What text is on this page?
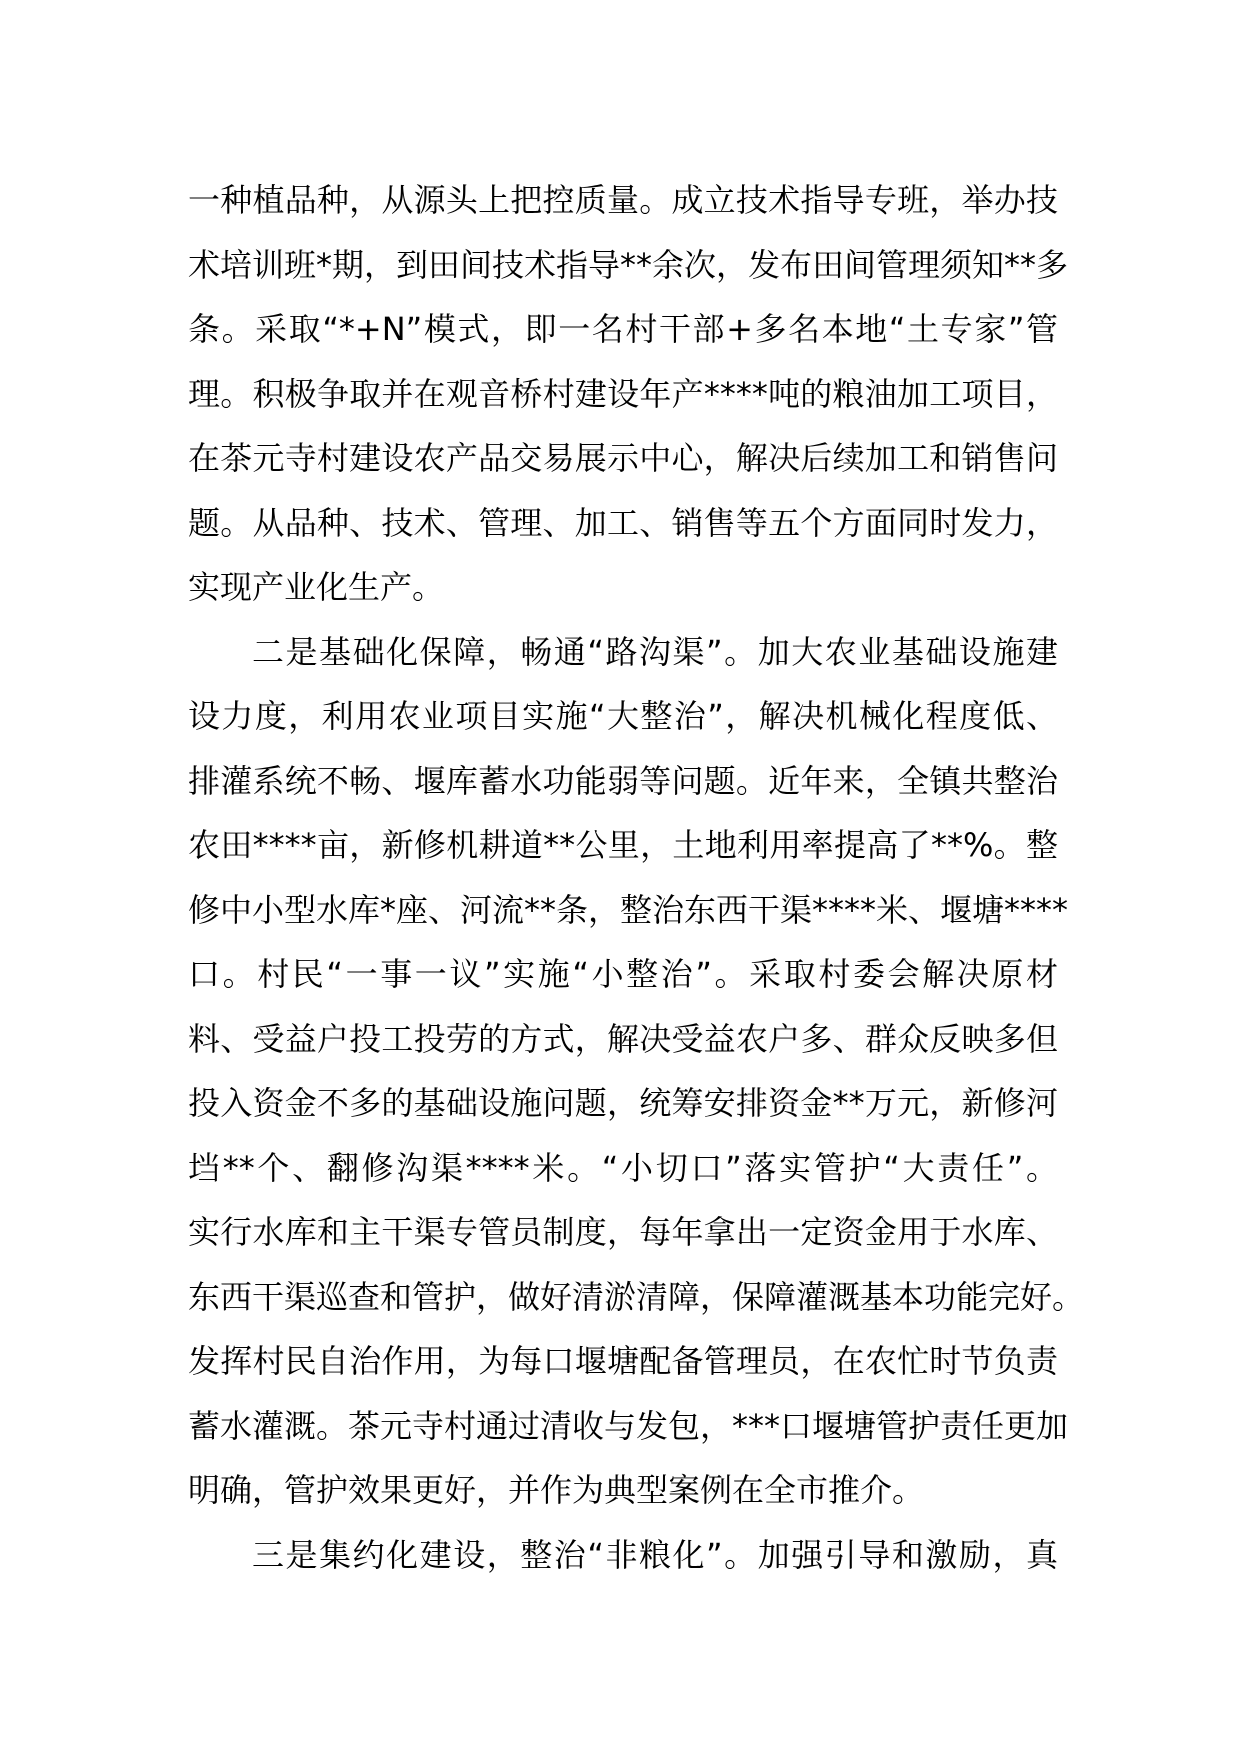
一种植品种，从源头上把控质量。成立技术指导专班，举办技
术培训班*期，到田间技术指导**余次，发布田间管理须知**多
条。采取“*+N”模式，即一名村干部+多名本地“土专家”管
理。积极争取并在观音桥村建设年产****吨的粮油加工项目，
在茶元寺村建设农产品交易展示中心，解决后续加工和销售问
题。从品种、技术、管理、加工、销售等五个方面同时发力，
实现产业化生产。
二是基础化保障，畅通“路沟渠”。加大农业基础设施建
设力度，利用农业项目实施“大整治”，解决机械化程度低、
排灌系统不畅、堰库蓄水功能弱等问题。近年来，全镇共整治
农田****亩，新修机耕道**公里，土地利用率提高了**%。整
修中小型水库*座、河流**条，整治东西干渠****米、堰塘****
口。村民“一事一议”实施“小整治”。采取村委会解决原材
料、受益户投工投劳的方式，解决受益农户多、群众反映多但
投入资金不多的基础设施问题，统筹安排资金**万元，新修河
垱**个、翻修沟渠****米。“小切口”落实管护“大责任”。
实行水库和主干渠专管员制度，每年拿出一定资金用于水库、
东西干渠巡查和管护，做好清淤清障，保障灌溉基本功能完好。
发挥村民自治作用，为每口堰塘配备管理员，在农忙时节负责
蓄水灌溉。茶元寺村通过清收与发包，***口堰塘管护责任更加
明确，管护效果更好，并作为典型案例在全市推介。
三是集约化建设，整治“非粮化”。加强引导和激励，真
